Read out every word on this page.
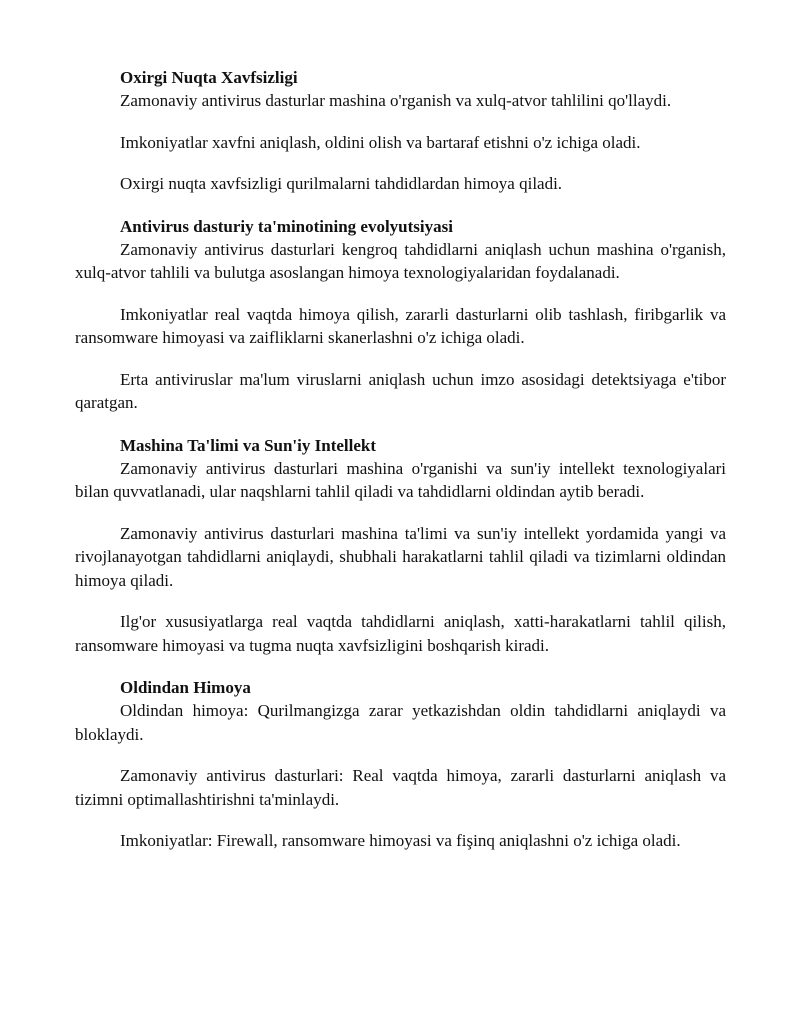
Oxirgi Nuqta Xavfsizligi

Zamonaviy antivirus dasturlar mashina o'rganish va xulq-atvor tahlilini qo'llaydi.

Imkoniyatlar xavfni aniqlash, oldini olish va bartaraf etishni o'z ichiga oladi.

Oxirgi nuqta xavfsizligi qurilmalarni tahdidlardan himoya qiladi.

Antivirus dasturiy ta'minotining evolyutsiyasi

Zamonaviy antivirus dasturlari kengroq tahdidlarni aniqlash uchun mashina o'rganish, xulq-atvor tahlili va bulutga asoslangan himoya texnologiyalaridan foydalanadi.

Imkoniyatlar real vaqtda himoya qilish, zararli dasturlarni olib tashlash, firibgarlik va ransomware himoyasi va zaifliklarni skanerlashni o'z ichiga oladi.

Erta antiviruslar ma'lum viruslarni aniqlash uchun imzo asosidagi detektsiyaga e'tibor qaratgan.

Mashina Ta'limi va Sun'iy Intellekt

Zamonaviy antivirus dasturlari mashina o'rganishi va sun'iy intellekt texnologiyalari bilan quvvatlanadi, ular naqshlarni tahlil qiladi va tahdidlarni oldindan aytib beradi.

Zamonaviy antivirus dasturlari mashina ta'limi va sun'iy intellekt yordamida yangi va rivojlanayotgan tahdidlarni aniqlaydi, shubhali harakatlarni tahlil qiladi va tizimlarni oldindan himoya qiladi.

Ilg'or xususiyatlarga real vaqtda tahdidlarni aniqlash, xatti-harakatlarni tahlil qilish, ransomware himoyasi va tugma nuqta xavfsizligini boshqarish kiradi.

Oldindan Himoya

Oldindan himoya: Qurilmangizga zarar yetkazishdan oldin tahdidlarni aniqlaydi va bloklaydi.

Zamonaviy antivirus dasturlari: Real vaqtda himoya, zararli dasturlarni aniqlash va tizimni optimallashtirishni ta'minlaydi.

Imkoniyatlar: Firewall, ransomware himoyasi va fişinq aniqlashni o'z ichiga oladi.
